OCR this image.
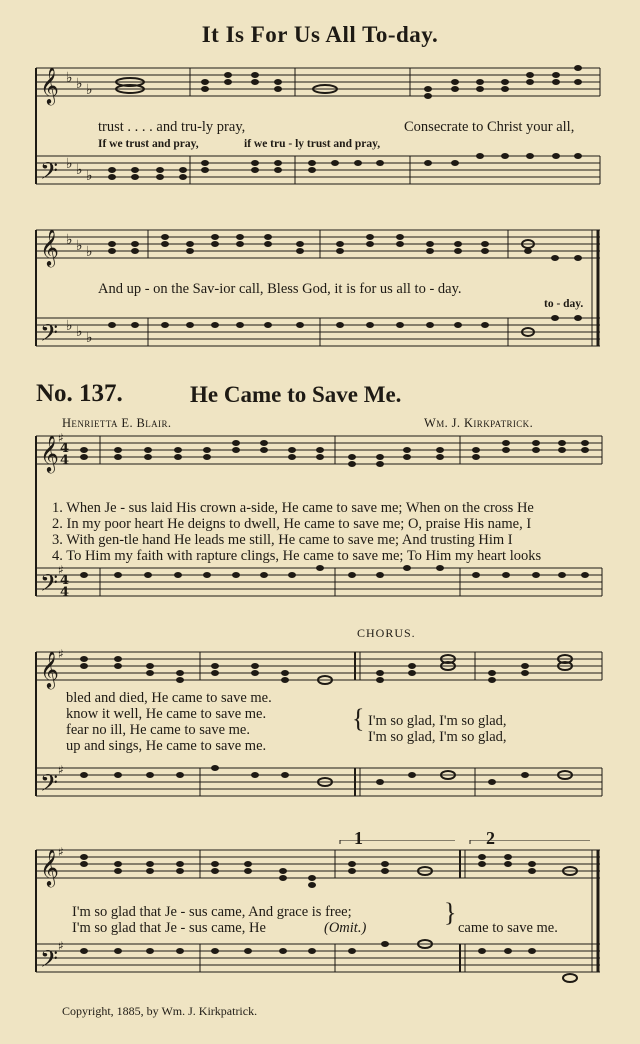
It Is For Us All To-day.
𝄞
𝄢
♭ ♭ ♭
♭ ♭ ♭
trust . . . . and tru-ly pray,	Consecrate to Christ your all,
If we trust and pray,	if we tru - ly trust and pray,
𝄞
𝄢
♭ ♭ ♭
♭ ♭ ♭
And up - on the Sav-ior call, Bless God, it is for us all to - day.
to - day.
No. 137.	He Came to Save Me.
Henrietta E. Blair.	Wm. J. Kirkpatrick.
𝄞
𝄢
♯
4
4
♯
4
4
1. When Je - sus laid His crown a-side, He came to save me; When on the cross He
2. In my poor heart He deigns to dwell, He came to save me; O, praise His name, I
3. With gen-tle hand He leads me still, He came to save me; And trusting Him I
4. To Him my faith with rapture clings, He came to save me; To Him my heart looks
CHORUS.
𝄞
𝄢
♯
♯
bled and died, He came to save me.
know it well, He came to save me.
fear no ill, He came to save me.
up and sings, He came to save me.
{ I'm so glad, I'm so glad,
I'm so glad, I'm so glad,
𝄞
𝄢
♯
♯
1	2
I'm so glad that Je - sus came, And grace is free;
I'm so glad that Je - sus came, He	(Omit.)
}
came to save me.
Copyright, 1885, by Wm. J. Kirkpatrick.
